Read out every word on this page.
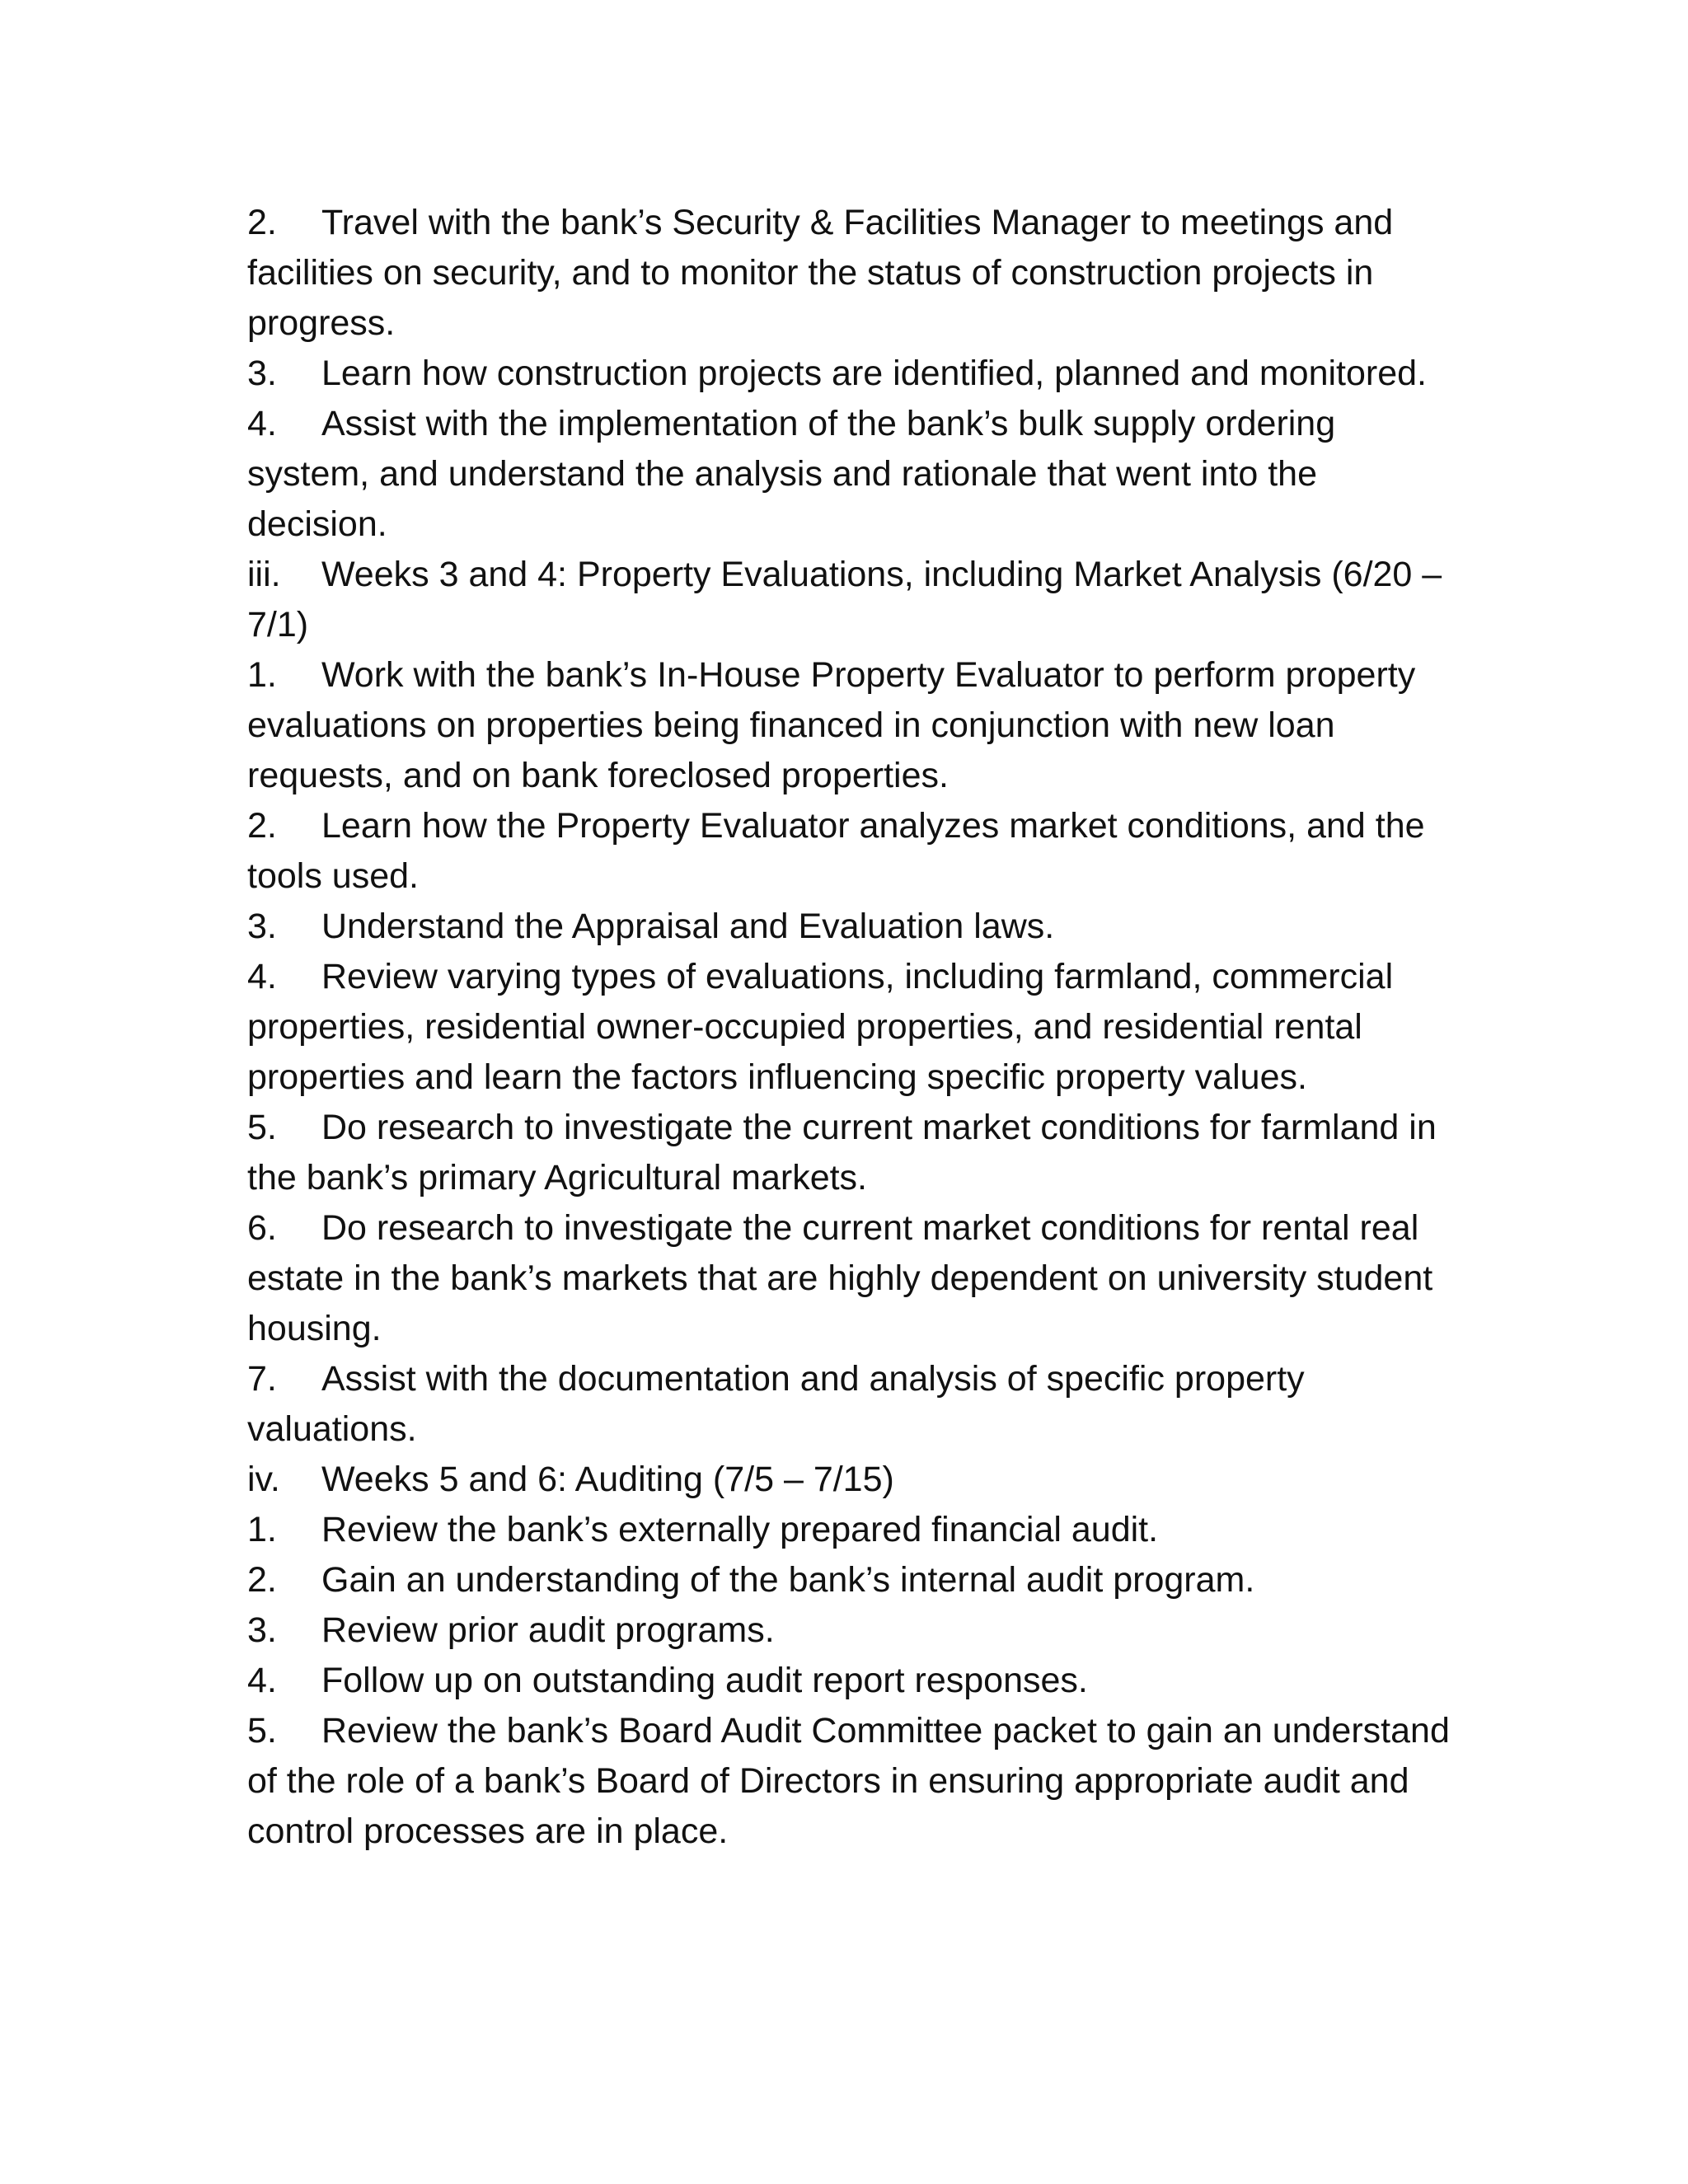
2. Travel with the bank’s Security & Facilities Manager to meetings and facilities on security, and to monitor the status of construction projects in progress.

3. Learn how construction projects are identified, planned and monitored.

4. Assist with the implementation of the bank’s bulk supply ordering system, and understand the analysis and rationale that went into the decision.

iii. Weeks 3 and 4: Property Evaluations, including Market Analysis (6/20 – 7/1)

1. Work with the bank’s In-House Property Evaluator to perform property evaluations on properties being financed in conjunction with new loan requests, and on bank foreclosed properties.

2. Learn how the Property Evaluator analyzes market conditions, and the tools used.

3. Understand the Appraisal and Evaluation laws.

4. Review varying types of evaluations, including farmland, commercial properties, residential owner-occupied properties, and residential rental properties and learn the factors influencing specific property values.

5. Do research to investigate the current market conditions for farmland in the bank’s primary Agricultural markets.

6. Do research to investigate the current market conditions for rental real estate in the bank’s markets that are highly dependent on university student housing.

7. Assist with the documentation and analysis of specific property valuations.

iv. Weeks 5 and 6: Auditing (7/5 – 7/15)

1. Review the bank’s externally prepared financial audit.

2. Gain an understanding of the bank’s internal audit program.

3. Review prior audit programs.

4. Follow up on outstanding audit report responses.

5. Review the bank’s Board Audit Committee packet to gain an understand of the role of a bank’s Board of Directors in ensuring appropriate audit and control processes are in place.
